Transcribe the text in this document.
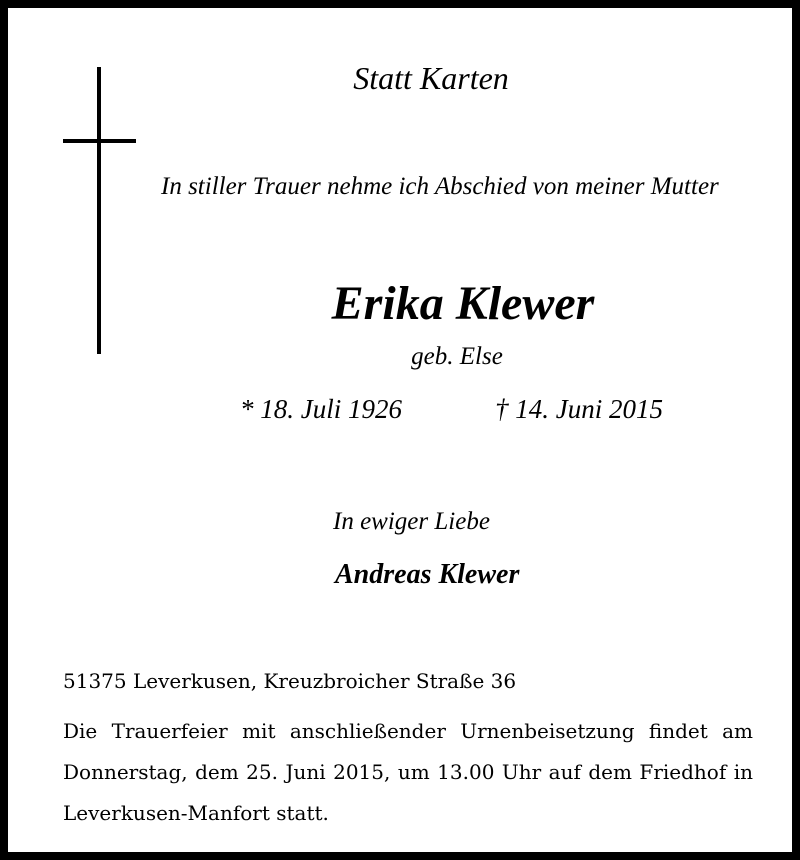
Statt Karten
In stiller Trauer nehme ich Abschied von meiner Mutter
Erika Klewer
geb. Else
* 18. Juli 1926	† 14. Juni 2015
In ewiger Liebe
Andreas Klewer
51375 Leverkusen, Kreuzbroicher Straße 36
Die Trauerfeier mit anschließender Urnenbeisetzung findet am Donnerstag, dem 25. Juni 2015, um 13.00 Uhr auf dem Friedhof in Leverkusen-Manfort statt.
